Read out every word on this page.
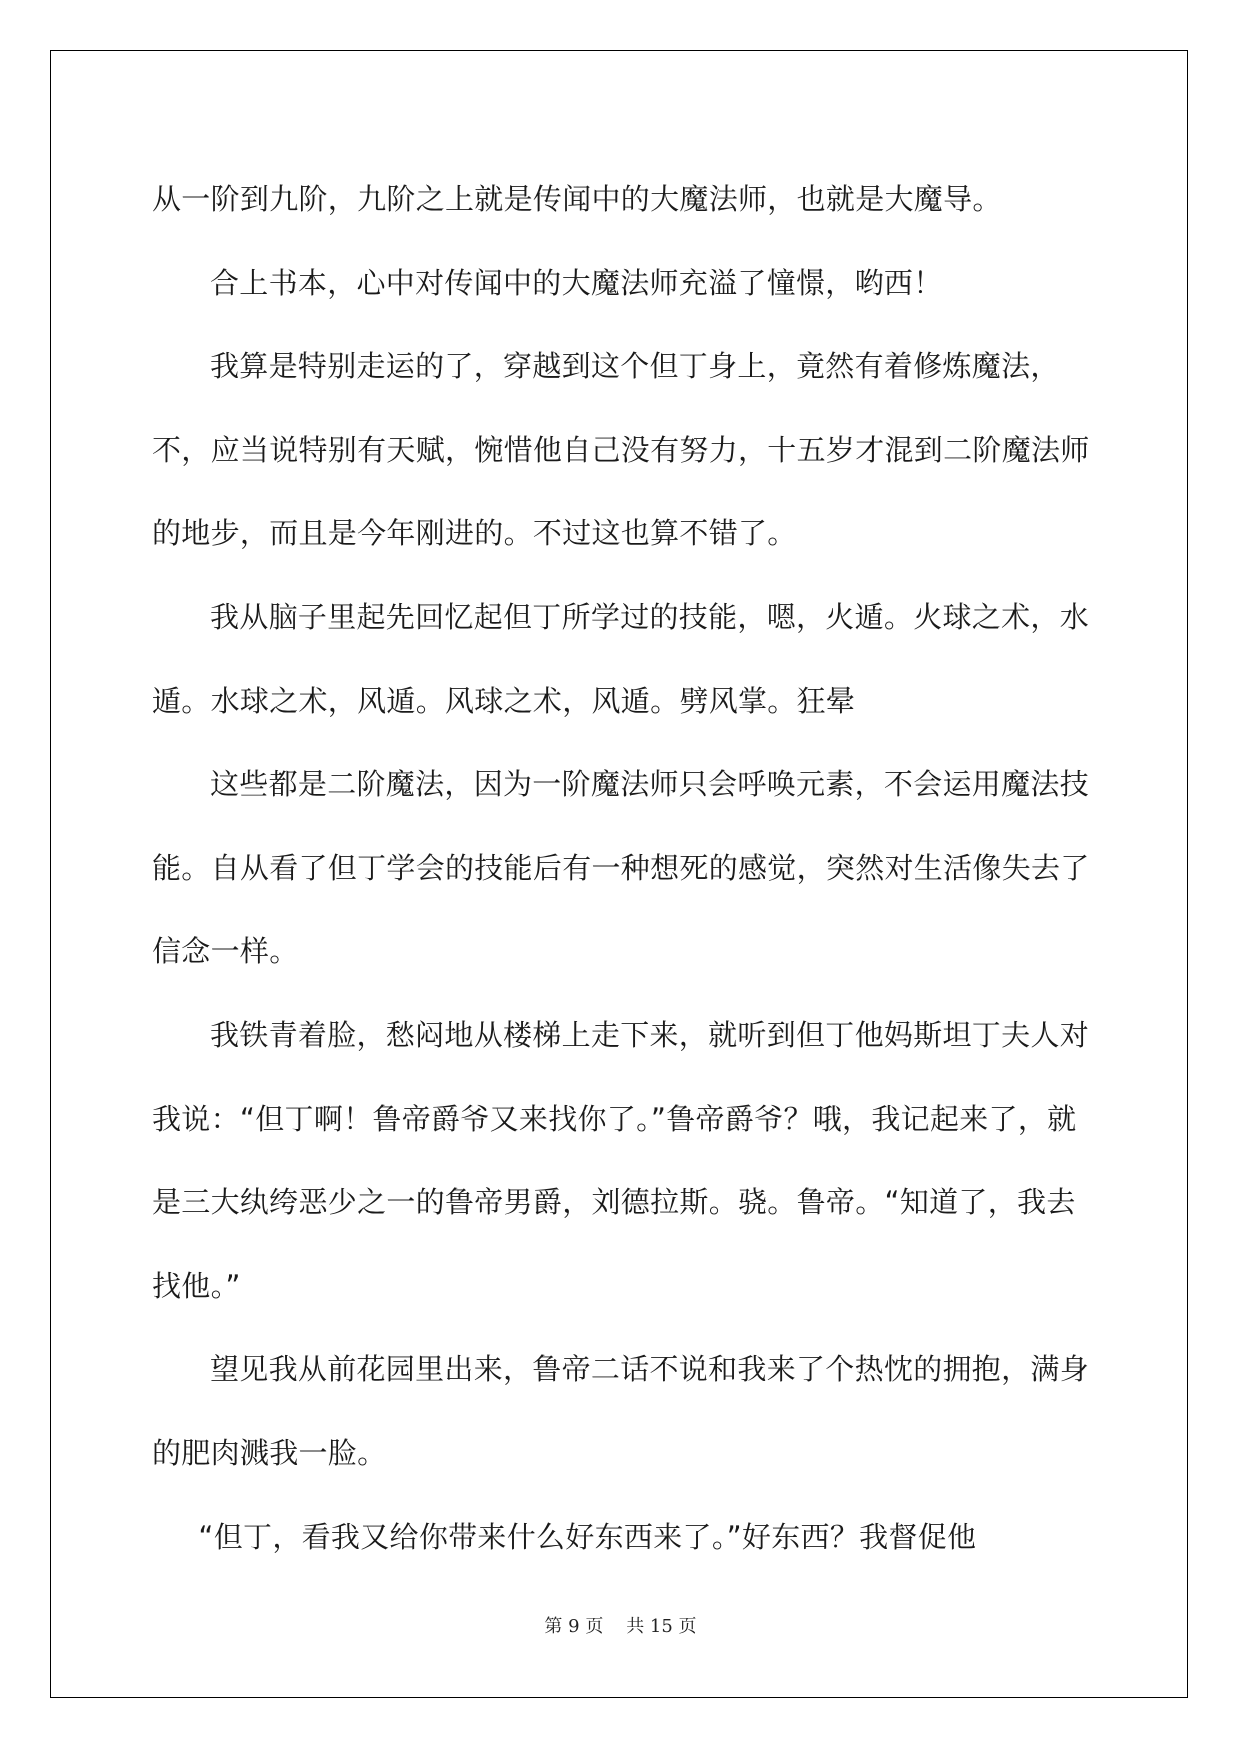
从一阶到九阶，九阶之上就是传闻中的大魔法师，也就是大魔导。

合上书本，心中对传闻中的大魔法师充溢了憧憬，哟西！

我算是特别走运的了，穿越到这个但丁身上，竟然有着修炼魔法，不，应当说特别有天赋，惋惜他自己没有努力，十五岁才混到二阶魔法师的地步，而且是今年刚进的。不过这也算不错了。

我从脑子里起先回忆起但丁所学过的技能，嗯，火遁。火球之术，水遁。水球之术，风遁。风球之术，风遁。劈风掌。狂晕

这些都是二阶魔法，因为一阶魔法师只会呼唤元素，不会运用魔法技能。自从看了但丁学会的技能后有一种想死的感觉，突然对生活像失去了信念一样。

我铁青着脸，愁闷地从楼梯上走下来，就听到但丁他妈斯坦丁夫人对我说：“但丁啊！鲁帝爵爷又来找你了。”鲁帝爵爷？哦，我记起来了，就是三大纨绔恶少之一的鲁帝男爵，刘德拉斯。骁。鲁帝。“知道了，我去找他。”

望见我从前花园里出来，鲁帝二话不说和我来了个热忱的拥抱，满身的肥肉溅我一脸。

“但丁，看我又给你带来什么好东西来了。”好东西？我督促他

第 9 页    共 15 页
